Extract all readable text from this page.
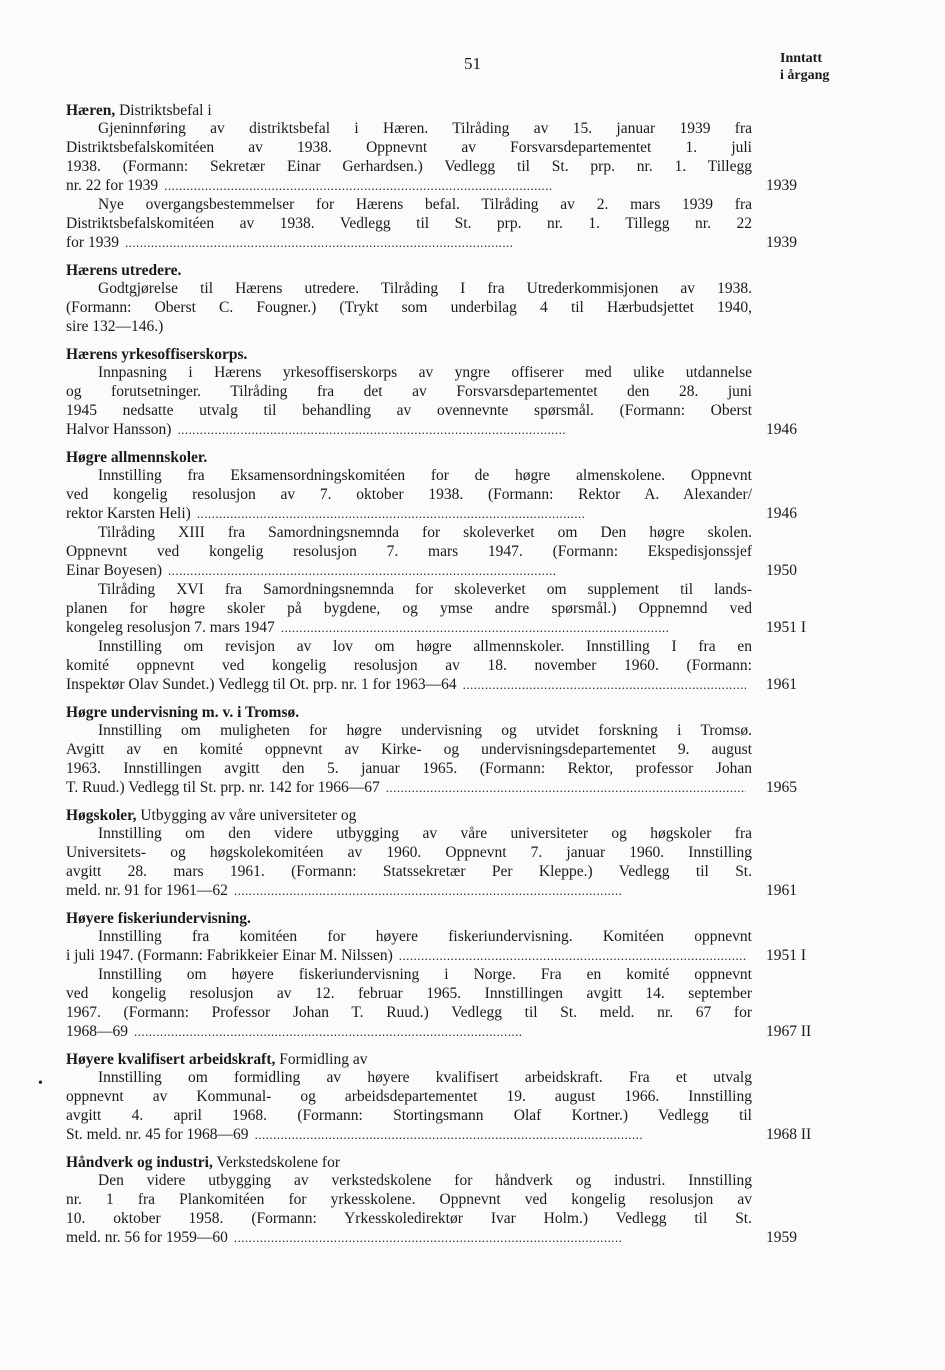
51	Inntatt
i årgang
•
Hæren, Distriktsbefal i
Gjeninnføring av distriktsbefal i Hæren. Tilråding av 15. januar 1939 fra
Distriktsbefalskomitéen av 1938. Oppnevnt av Forsvarsdepartementet 1. juli
1938. (Formann: Sekretær Einar Gerhardsen.) Vedlegg til St. prp. nr. 1. Tillegg
nr. 22 for 1939 . . .	1939
Nye overgangsbestemmelser for Hærens befal. Tilråding av 2. mars 1939 fra
Distriktsbefalskomitéen av 1938. Vedlegg til St. prp. nr. 1. Tillegg nr. 22
for 1939 . . .	1939
Hærens utredere.
Godtgjørelse til Hærens utredere. Tilråding I fra Utrederkommisjonen av 1938.
(Formann: Oberst C. Fougner.) (Trykt som underbilag 4 til Hærbudsjettet 1940,
sire 132—146.)
Hærens yrkesoffiserskorps.
Innpasning i Hærens yrkesoffiserskorps av yngre offiserer med ulike utdannelse
og forutsetninger. Tilråding fra det av Forsvarsdepartementet den 28. juni
1945 nedsatte utvalg til behandling av ovennevnte spørsmål. (Formann: Oberst
Halvor Hansson) . . .	1946
Høgre allmennskoler.
Innstilling fra Eksamensordningskomitéen for de høgre almenskolene. Oppnevnt
ved kongelig resolusjon av 7. oktober 1938. (Formann: Rektor A. Alexander/
rektor Karsten Heli) . . .	1946
Tilråding XIII fra Samordningsnemnda for skoleverket om Den høgre skolen.
Oppnevnt ved kongelig resolusjon 7. mars 1947. (Formann: Ekspedisjonssjef
Einar Boyesen) . . .	1950
Tilråding XVI fra Samordningsnemnda for skoleverket om supplement til lands-
planen for høgre skoler på bygdene, og ymse andre spørsmål.) Oppnemnd ved
kongeleg resolusjon 7. mars 1947 . . .	1951 I
Innstilling om revisjon av lov om høgre allmennskoler. Innstilling I fra en
komité oppnevnt ved kongelig resolusjon av 18. november 1960. (Formann:
Inspektør Olav Sundet.) Vedlegg til Ot. prp. nr. 1 for 1963—64 . . .	1961
Høgre undervisning m. v. i Tromsø.
Innstilling om muligheten for høgre undervisning og utvidet forskning i Tromsø.
Avgitt av en komité oppnevnt av Kirke- og undervisningsdepartementet 9. august
1963. Innstillingen avgitt den 5. januar 1965. (Formann: Rektor, professor Johan
T. Ruud.) Vedlegg til St. prp. nr. 142 for 1966—67 . . .	1965
Høgskoler, Utbygging av våre universiteter og
Innstilling om den videre utbygging av våre universiteter og høgskoler fra
Universitets- og høgskolekomitéen av 1960. Oppnevnt 7. januar 1960. Innstilling
avgitt 28. mars 1961. (Formann: Statssekretær Per Kleppe.) Vedlegg til St.
meld. nr. 91 for 1961—62 . . .	1961
Høyere fiskeriundervisning.
Innstilling fra komitéen for høyere fiskeriundervisning. Komitéen oppnevnt
i juli 1947. (Formann: Fabrikkeier Einar M. Nilssen) . . .	1951 I
Innstilling om høyere fiskeriundervisning i Norge. Fra en komité oppnevnt
ved kongelig resolusjon av 12. februar 1965. Innstillingen avgitt 14. september
1967. (Formann: Professor Johan T. Ruud.) Vedlegg til St. meld. nr. 67 for
1968—69 . . .	1967 II
Høyere kvalifisert arbeidskraft, Formidling av
Innstilling om formidling av høyere kvalifisert arbeidskraft. Fra et utvalg
oppnevnt av Kommunal- og arbeidsdepartementet 19. august 1966. Innstilling
avgitt 4. april 1968. (Formann: Stortingsmann Olaf Kortner.) Vedlegg til
St. meld. nr. 45 for 1968—69 . . .	1968 II
Håndverk og industri, Verkstedskolene for
Den videre utbygging av verkstedskolene for håndverk og industri. Innstilling
nr. 1 fra Plankomitéen for yrkesskolene. Oppnevnt ved kongelig resolusjon av
10. oktober 1958. (Formann: Yrkesskoledirektør Ivar Holm.) Vedlegg til St.
meld. nr. 56 for 1959—60 . . .	1959
